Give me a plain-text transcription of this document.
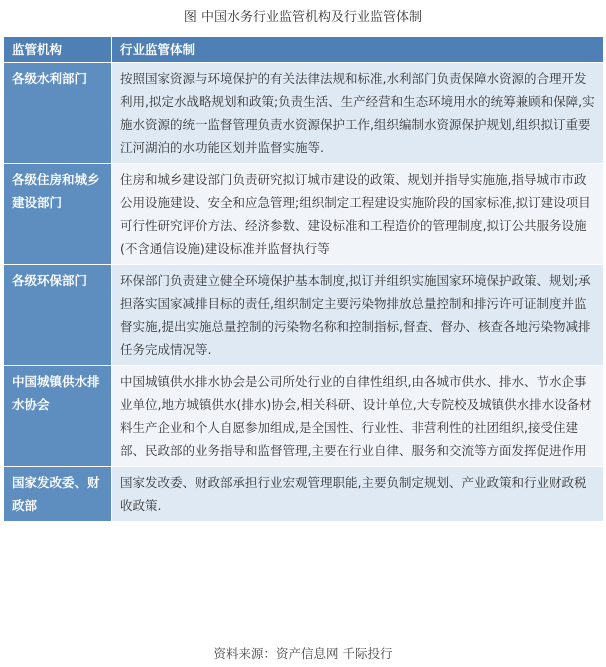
图 中国水务行业监管机构及行业监管体制
监管机构	行业监管体制
各级水利部门	按照国家资源与环境保护的有关法律法规和标准,水利部门负责保障水资源的合理开发利用,拟定水战略规划和政策;负责生活、生产经营和生态环境用水的统筹兼顾和保障,实施水资源的统一监督管理负责水资源保护工作,组织编制水资源保护规划,组织拟订重要江河湖泊的水功能区划并监督实施等.
各级住房和城乡建设部门	住房和城乡建设部门负责研究拟订城市建设的政策、规划并指导实施施,指导城市市政公用设施建设、安全和应急管理;组织制定工程建设实施阶段的国家标准,拟订建设项目可行性研究评价方法、经济参数、建设标准和工程造价的管理制度,拟订公共服务设施(不含通信设施)建设标准并监督执行等
各级环保部门	环保部门负责建立健全环境保护基本制度,拟订并组织实施国家环境保护政策、规划;承担落实国家减排目标的责任,组织制定主要污染物排放总量控制和排污许可证制度并监督实施,提出实施总量控制的污染物名称和控制指标,督查、督办、核查各地污染物减排任务完成情况等.
中国城镇供水排水协会	中国城镇供水排水协会是公司所处行业的自律性组织,由各城市供水、排水、节水企事业单位,地方城镇供水(排水)协会,相关科研、设计单位,大专院校及城镇供水排水设备材料生产企业和个人自愿参加组成,是全国性、行业性、非营利性的社团组织,接受住建部、民政部的业务指导和监督管理,主要在行业自律、服务和交流等方面发挥促进作用
国家发改委、财政部	国家发改委、财政部承担行业宏观管理职能,主要负制定规划、产业政策和行业财政税收政策.
资料来源：资产信息网 千际投行
